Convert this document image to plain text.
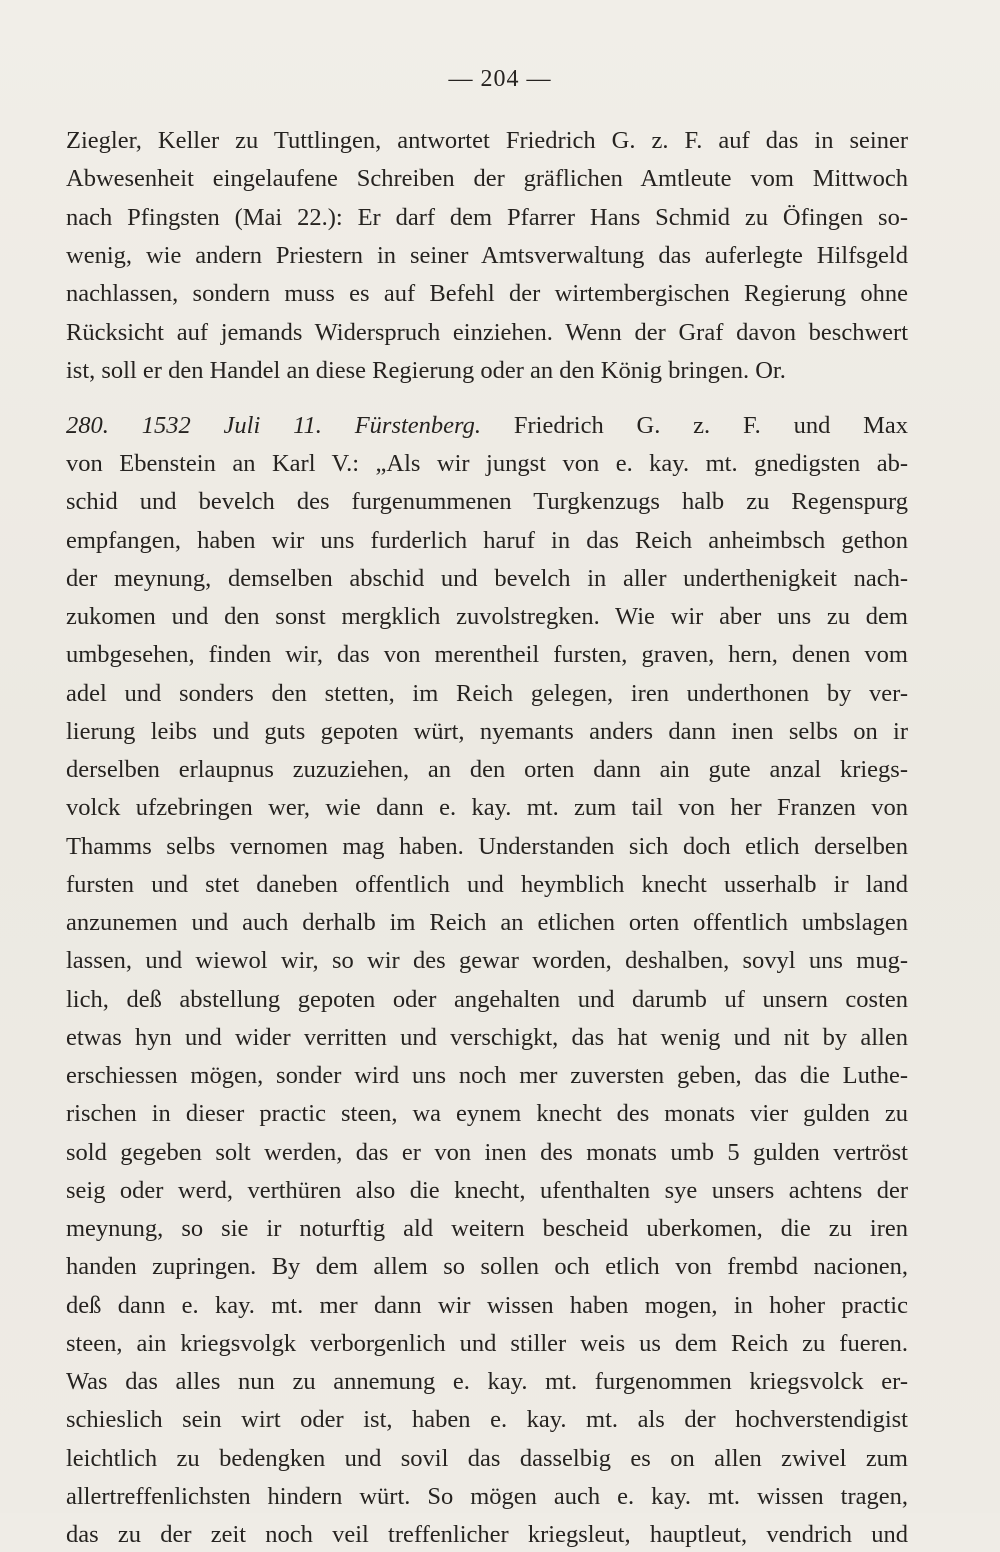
— 204 —
Ziegler, Keller zu Tuttlingen, antwortet Friedrich G. z. F. auf das in seiner
Abwesenheit eingelaufene Schreiben der gräflichen Amtleute vom Mittwoch
nach Pfingsten (Mai 22.): Er darf dem Pfarrer Hans Schmid zu Öfingen so-
wenig, wie andern Priestern in seiner Amtsverwaltung das auferlegte Hilfsgeld
nachlassen, sondern muss es auf Befehl der wirtembergischen Regierung ohne
Rücksicht auf jemands Widerspruch einziehen. Wenn der Graf davon beschwert
ist, soll er den Handel an diese Regierung oder an den König bringen. Or.
280. 1532 Juli 11. Fürstenberg. Friedrich G. z. F. und Max
von Ebenstein an Karl V.: „Als wir jungst von e. kay. mt. gnedigsten ab-
schid und bevelch des furgenummenen Turgkenzugs halb zu Regenspurg
empfangen, haben wir uns furderlich haruf in das Reich anheimbsch gethon
der meynung, demselben abschid und bevelch in aller underthenigkeit nach-
zukomen und den sonst mergklich zuvolstregken. Wie wir aber uns zu dem
umbgesehen, finden wir, das von merentheil fursten, graven, hern, denen vom
adel und sonders den stetten, im Reich gelegen, iren underthonen by ver-
lierung leibs und guts gepoten würt, nyemants anders dann inen selbs on ir
derselben erlaupnus zuzuziehen, an den orten dann ain gute anzal kriegs-
volck ufzebringen wer, wie dann e. kay. mt. zum tail von her Franzen von
Thamms selbs vernomen mag haben. Understanden sich doch etlich derselben
fursten und stet daneben offentlich und heymblich knecht usserhalb ir land
anzunemen und auch derhalb im Reich an etlichen orten offentlich umbslagen
lassen, und wiewol wir, so wir des gewar worden, deshalben, sovyl uns mug-
lich, deß abstellung gepoten oder angehalten und darumb uf unsern costen
etwas hyn und wider verritten und verschigkt, das hat wenig und nit by allen
erschiessen mögen, sonder wird uns noch mer zuversten geben, das die Luthe-
rischen in dieser practic steen, wa eynem knecht des monats vier gulden zu
sold gegeben solt werden, das er von inen des monats umb 5 gulden vertröst
seig oder werd, verthüren also die knecht, ufenthalten sye unsers achtens der
meynung, so sie ir noturftig ald weitern bescheid uberkomen, die zu iren
handen zupringen. By dem allem so sollen och etlich von frembd nacionen,
deß dann e. kay. mt. mer dann wir wissen haben mogen, in hoher practic
steen, ain kriegsvolgk verborgenlich und stiller weis us dem Reich zu fueren.
Was das alles nun zu annemung e. kay. mt. furgenommen kriegsvolck er-
schieslich sein wirt oder ist, haben e. kay. mt. als der hochverstendigist
leichtlich zu bedengken und sovil das dasselbig es on allen zwivel zum
allertreffenlichsten hindern würt. So mögen auch e. kay. mt. wissen tragen,
das zu der zeit noch veil treffenlicher kriegsleut, hauptleut, vendrich und
